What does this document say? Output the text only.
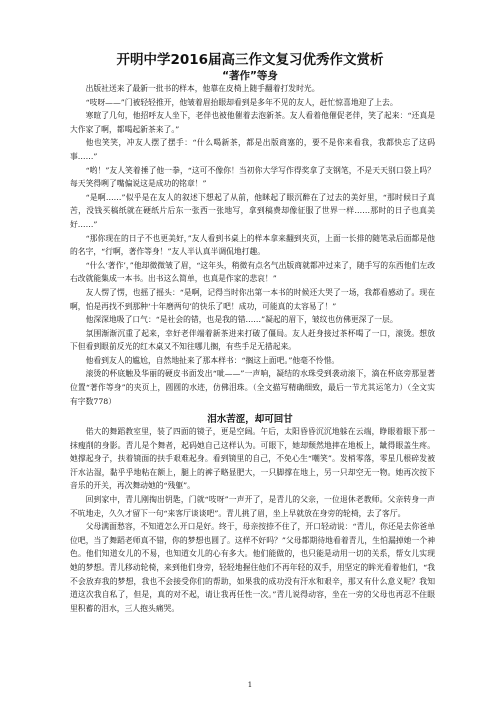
开明中学2016届高三作文复习优秀作文赏析
“著作”等身

出版社送来了最新一批书的样本，他靠在皮椅上随手翻着打发时光。

“吱呀——”门被轻轻推开，他皱着眉抬眼却看到是多年不见的友人，赶忙惊喜地迎了上去。

寒暄了几句，他招呼友人坐下，老伴也被他催着去泡新茶。友人看着他催促老伴，笑了起来：“还真是大作家了啊，都喝起新茶来了。”

他也笑笑，冲友人摆了摆手：“什么喝新茶，都是出版商塞的，要不是你来看我，我都快忘了这码事……”

“哟！”友人笑着捶了他一拳，“这可不像你！当初你大学写作得奖拿了支钢笔，不是天天别口袋上吗？每天笑得咧了嘴偏说这是成功的铭章！”

“是啊……”似乎是在友人的叙述下想起了从前，他眯起了眼沉醉在了过去的美好里，“那时候日子真苦，没钱买稿纸就在硬纸片后东一张西一张地写，拿到稿费却像征服了世界一样……那时的日子也真美好……”

“那你现在的日子不也更美好，”友人看到书桌上的样本拿来翻到夹页，上面一长排的随笔录后面都是他的名字，“行啊，著作等身！”友人半认真半调侃地打趣。

“什么‘著作’，”他却微微皱了眉，“这年头，稍微有点名气出版商就都冲过来了，随手写的东西他们左改右改就能集成一本书。出书这么简单，也真是作家的悲哀！”

友人愣了愣，也摇了摇头：“是啊，记得当时你出第一本书的时候还大哭了一场，我都看感动了。现在啊，怕是再找不到那种‘十年磨两句’的快乐了吧！成功，可能真的太容易了！”

他深深地吸了口气：“是社会的错，也是我的错……”凝起的眉下，皱纹也仿佛更深了一层。

氛围渐渐沉重了起来，幸好老伴端着新茶进来打破了僵局。友人赶身接过茶杯喝了一口，滚烫。想放下但看到眼前反光的红木桌又不知往哪儿搁，有些手足无措起来。

他看到友人的尴尬，自然地扯来了那本样书：“搁这上面吧。”他毫不怜惜。

滚烫的杯底触及华丽的硬皮书面发出“呲——”一声响，凝结的水珠受到袭动滚下，滴在杯底旁那显著位置“著作等身”的夹页上，圆圆的水迹，仿佛泪珠。（全文描写精确细致，最后一节尤其运笔力）（全文实有字数778）

泪水苦涩，却可回甘

偌大的舞蹈教室里，装了四面的镜子，更是空阔。午后，太阳昏昏沉沉地躲在云端，睁眼着眼下那一抹瘦削的身影。青儿是个舞者，起码她自己这样认为。可眼下，她却颓然地摔在地板上，龇得眼盖生疼。她撑起身子，扶着镜面的扶手艰难起身。看到镜里的自己，不免心生“嘲笑”。发梢零落，零星几根碎发被汗水沾湿，黏乎乎地粘在额上，腿上的裤子略显肥大，一只脚撑在地上，另一只却空无一物。她再次按下音乐的开关，再次舞动她的“残躯”。

回到家中，青儿刚掏出钥匙，门就“吱呀”一声开了，是青儿的父亲，一位退休老教师。父亲转身一声不吭地走，久久才留下一句“来客厅谈谈吧”。青儿挑了眉，坐上早就放在身旁的轮椅，去了客厅。

父母满面愁容，不知道怎么开口是好。终于，母亲按捺不住了，开口轻动说：“青儿，你还是去你爸单位吧，当了舞蹈老师真不错，你的梦想也圆了。这样不好吗？”父母都期待地看着青儿，生怕漏掉她一个神色。他们知道女儿的不易，也知道女儿的心有多大。他们能做的，也只能是动用一切的关系，帮女儿实现她的梦想。青儿移动轮椅，来到他们身旁，轻轻地握住他们不再年轻的双手，用坚定的眸光看着他们，“我不会放弃我的梦想，我也不会接受你们的帮助，如果我的成功没有汗水和艰辛，那又有什么意义呢？我知道这次我自私了，但是，真的对不起，请让我再任性一次。”青儿说得动容，坐在一旁的父母也再忍不住眼里积蓄的泪水，三人抱头痛哭。

1
